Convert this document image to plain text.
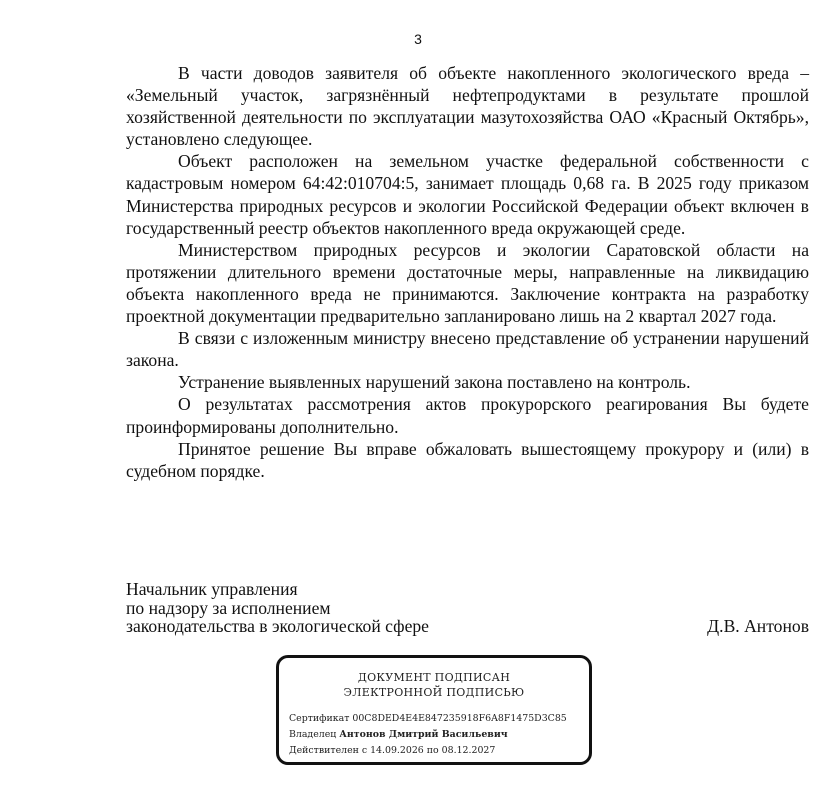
3

В части доводов заявителя об объекте накопленного экологического вреда – «Земельный участок, загрязнённый нефтепродуктами в результате прошлой хозяйственной деятельности по эксплуатации мазутохозяйства ОАО «Красный Октябрь», установлено следующее.

Объект расположен на земельном участке федеральной собственности с кадастровым номером 64:42:010704:5, занимает площадь 0,68 га. В 2025 году приказом Министерства природных ресурсов и экологии Российской Федерации объект включен в государственный реестр объектов накопленного вреда окружающей среде.

Министерством природных ресурсов и экологии Саратовской области на протяжении длительного времени достаточные меры, направленные на ликвидацию объекта накопленного вреда не принимаются. Заключение контракта на разработку проектной документации предварительно запланировано лишь на 2 квартал 2027 года.

В связи с изложенным министру внесено представление об устранении нарушений закона.

Устранение выявленных нарушений закона поставлено на контроль.

О результатах рассмотрения актов прокурорского реагирования Вы будете проинформированы дополнительно.

Принятое решение Вы вправе обжаловать вышестоящему прокурору и (или) в судебном порядке.

Начальник управления
по надзору за исполнением
законодательства в экологической сфере	Д.В. Антонов
ДОКУМЕНТ ПОДПИСАН
ЭЛЕКТРОННОЙ ПОДПИСЬЮ
Сертификат 00C8DED4E4E847235918F6A8F1475D3C85
Владелец Антонов Дмитрий Васильевич
Действителен с 14.09.2026 по 08.12.2027
